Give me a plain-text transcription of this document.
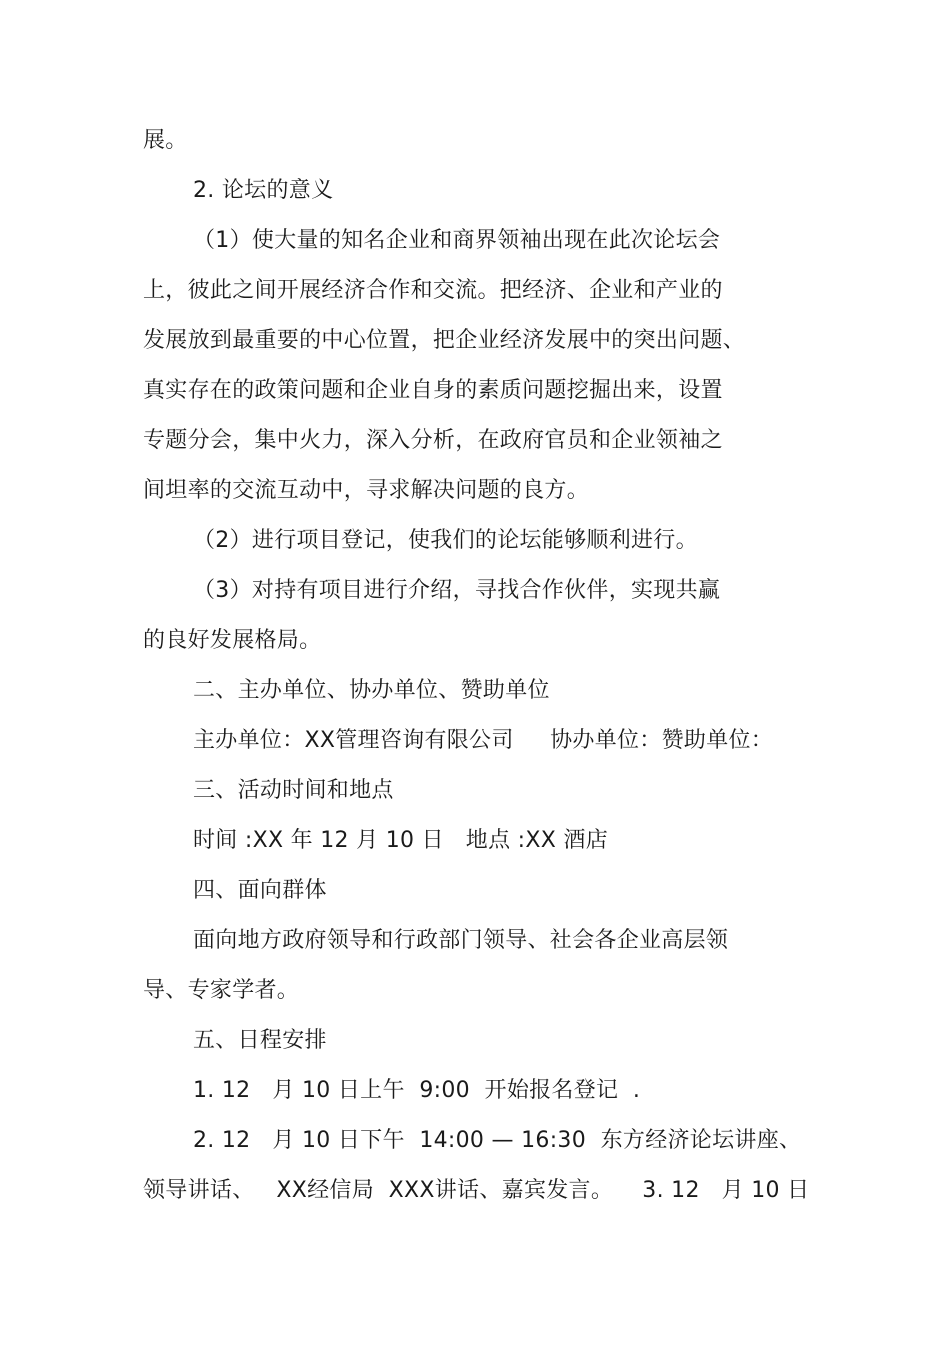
展。
2. 论坛的意义
（1）使大量的知名企业和商界领袖出现在此次论坛会
上，彼此之间开展经济合作和交流。把经济、企业和产业的
发展放到最重要的中心位置，把企业经济发展中的突出问题、
真实存在的政策问题和企业自身的素质问题挖掘出来，设置
专题分会，集中火力，深入分析，在政府官员和企业领袖之
间坦率的交流互动中，寻求解决问题的良方。
（2）进行项目登记，使我们的论坛能够顺利进行。
（3）对持有项目进行介绍，寻找合作伙伴，实现共赢
的良好发展格局。
二、主办单位、协办单位、赞助单位
主办单位：XX管理咨询有限公司     协办单位：赞助单位：
三、活动时间和地点
时间 :XX 年 12 月 10 日   地点 :XX 酒店
四、面向群体
面向地方政府领导和行政部门领导、社会各企业高层领
导、专家学者。
五、日程安排
1. 12   月 10 日上午  9:00  开始报名登记  .
2. 12   月 10 日下午  14:00 — 16:30  东方经济论坛讲座、
领导讲话、   XX经信局  XXX讲话、嘉宾发言。    3. 12   月 10 日
